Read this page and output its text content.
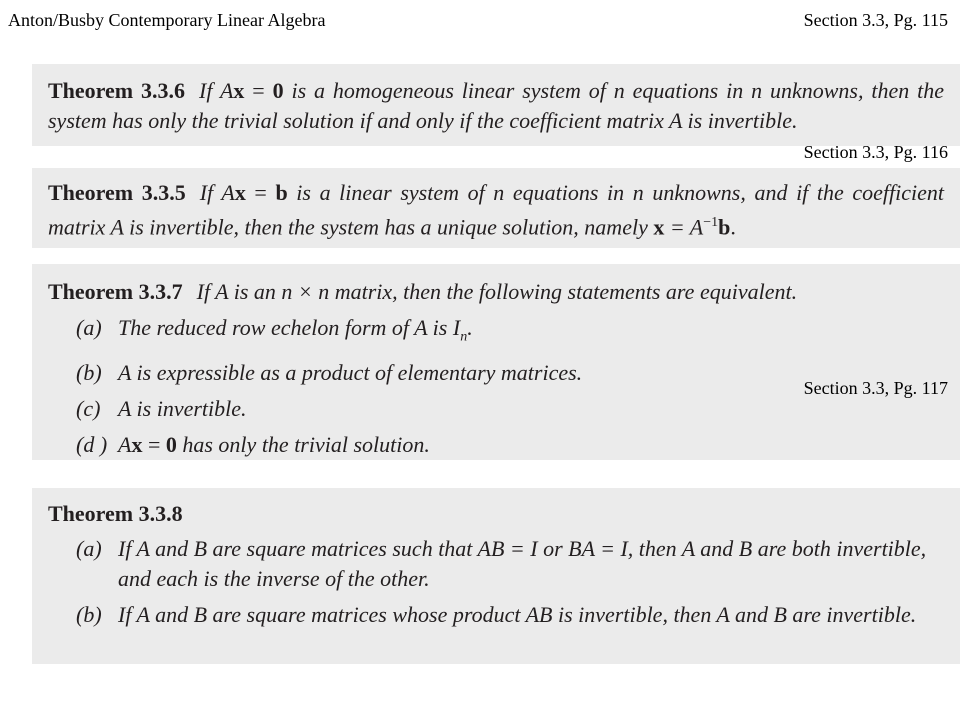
Anton/Busby Contemporary Linear Algebra	Section 3.3, Pg. 115
Theorem 3.3.6 If Ax = 0 is a homogeneous linear system of n equations in n unknowns, then the system has only the trivial solution if and only if the coefficient matrix A is invertible.
Section 3.3, Pg. 116
Theorem 3.3.5 If Ax = b is a linear system of n equations in n unknowns, and if the coefficient matrix A is invertible, then the system has a unique solution, namely $x = A^{-1}b$.
Theorem 3.3.7 If A is an n × n matrix, then the following statements are equivalent.
(a) The reduced row echelon form of A is $I_n$.
(b) A is expressible as a product of elementary matrices.
(c) A is invertible.
(d ) Ax = 0 has only the trivial solution.
Section 3.3, Pg. 117
Theorem 3.3.8
(a) If A and B are square matrices such that AB = I or BA = I, then A and B are both invertible, and each is the inverse of the other.
(b) If A and B are square matrices whose product AB is invertible, then A and B are invertible.
